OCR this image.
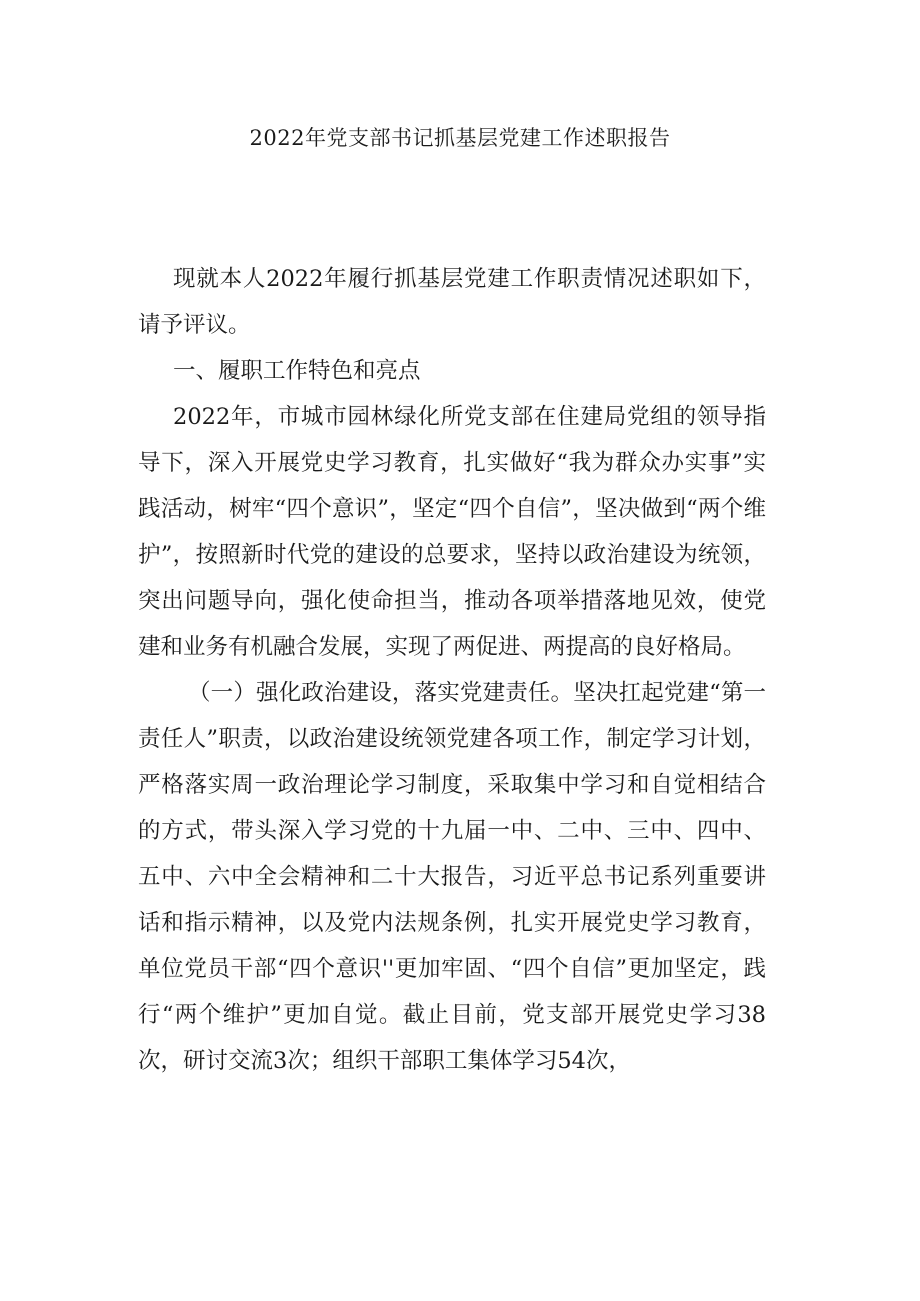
2022年党支部书记抓基层党建工作述职报告

现就本人2022年履行抓基层党建工作职责情况述职如下，请予评议。

一、履职工作特色和亮点

2022年，市城市园林绿化所党支部在住建局党组的领导指导下，深入开展党史学习教育，扎实做好“我为群众办实事”实践活动，树牢“四个意识”，坚定“四个自信”，坚决做到“两个维护”，按照新时代党的建设的总要求，坚持以政治建设为统领，突出问题导向，强化使命担当，推动各项举措落地见效，使党建和业务有机融合发展，实现了两促进、两提高的良好格局。

（一）强化政治建设，落实党建责任。坚决扛起党建“第一责任人”职责，以政治建设统领党建各项工作，制定学习计划，严格落实周一政治理论学习制度，采取集中学习和自觉相结合的方式，带头深入学习党的十九届一中、二中、三中、四中、五中、六中全会精神和二十大报告，习近平总书记系列重要讲话和指示精神，以及党内法规条例，扎实开展党史学习教育，单位党员干部“四个意识''更加牢固、“四个自信”更加坚定，践行“两个维护”更加自觉。截止目前，党支部开展党史学习38次，研讨交流3次；组织干部职工集体学习54次，
